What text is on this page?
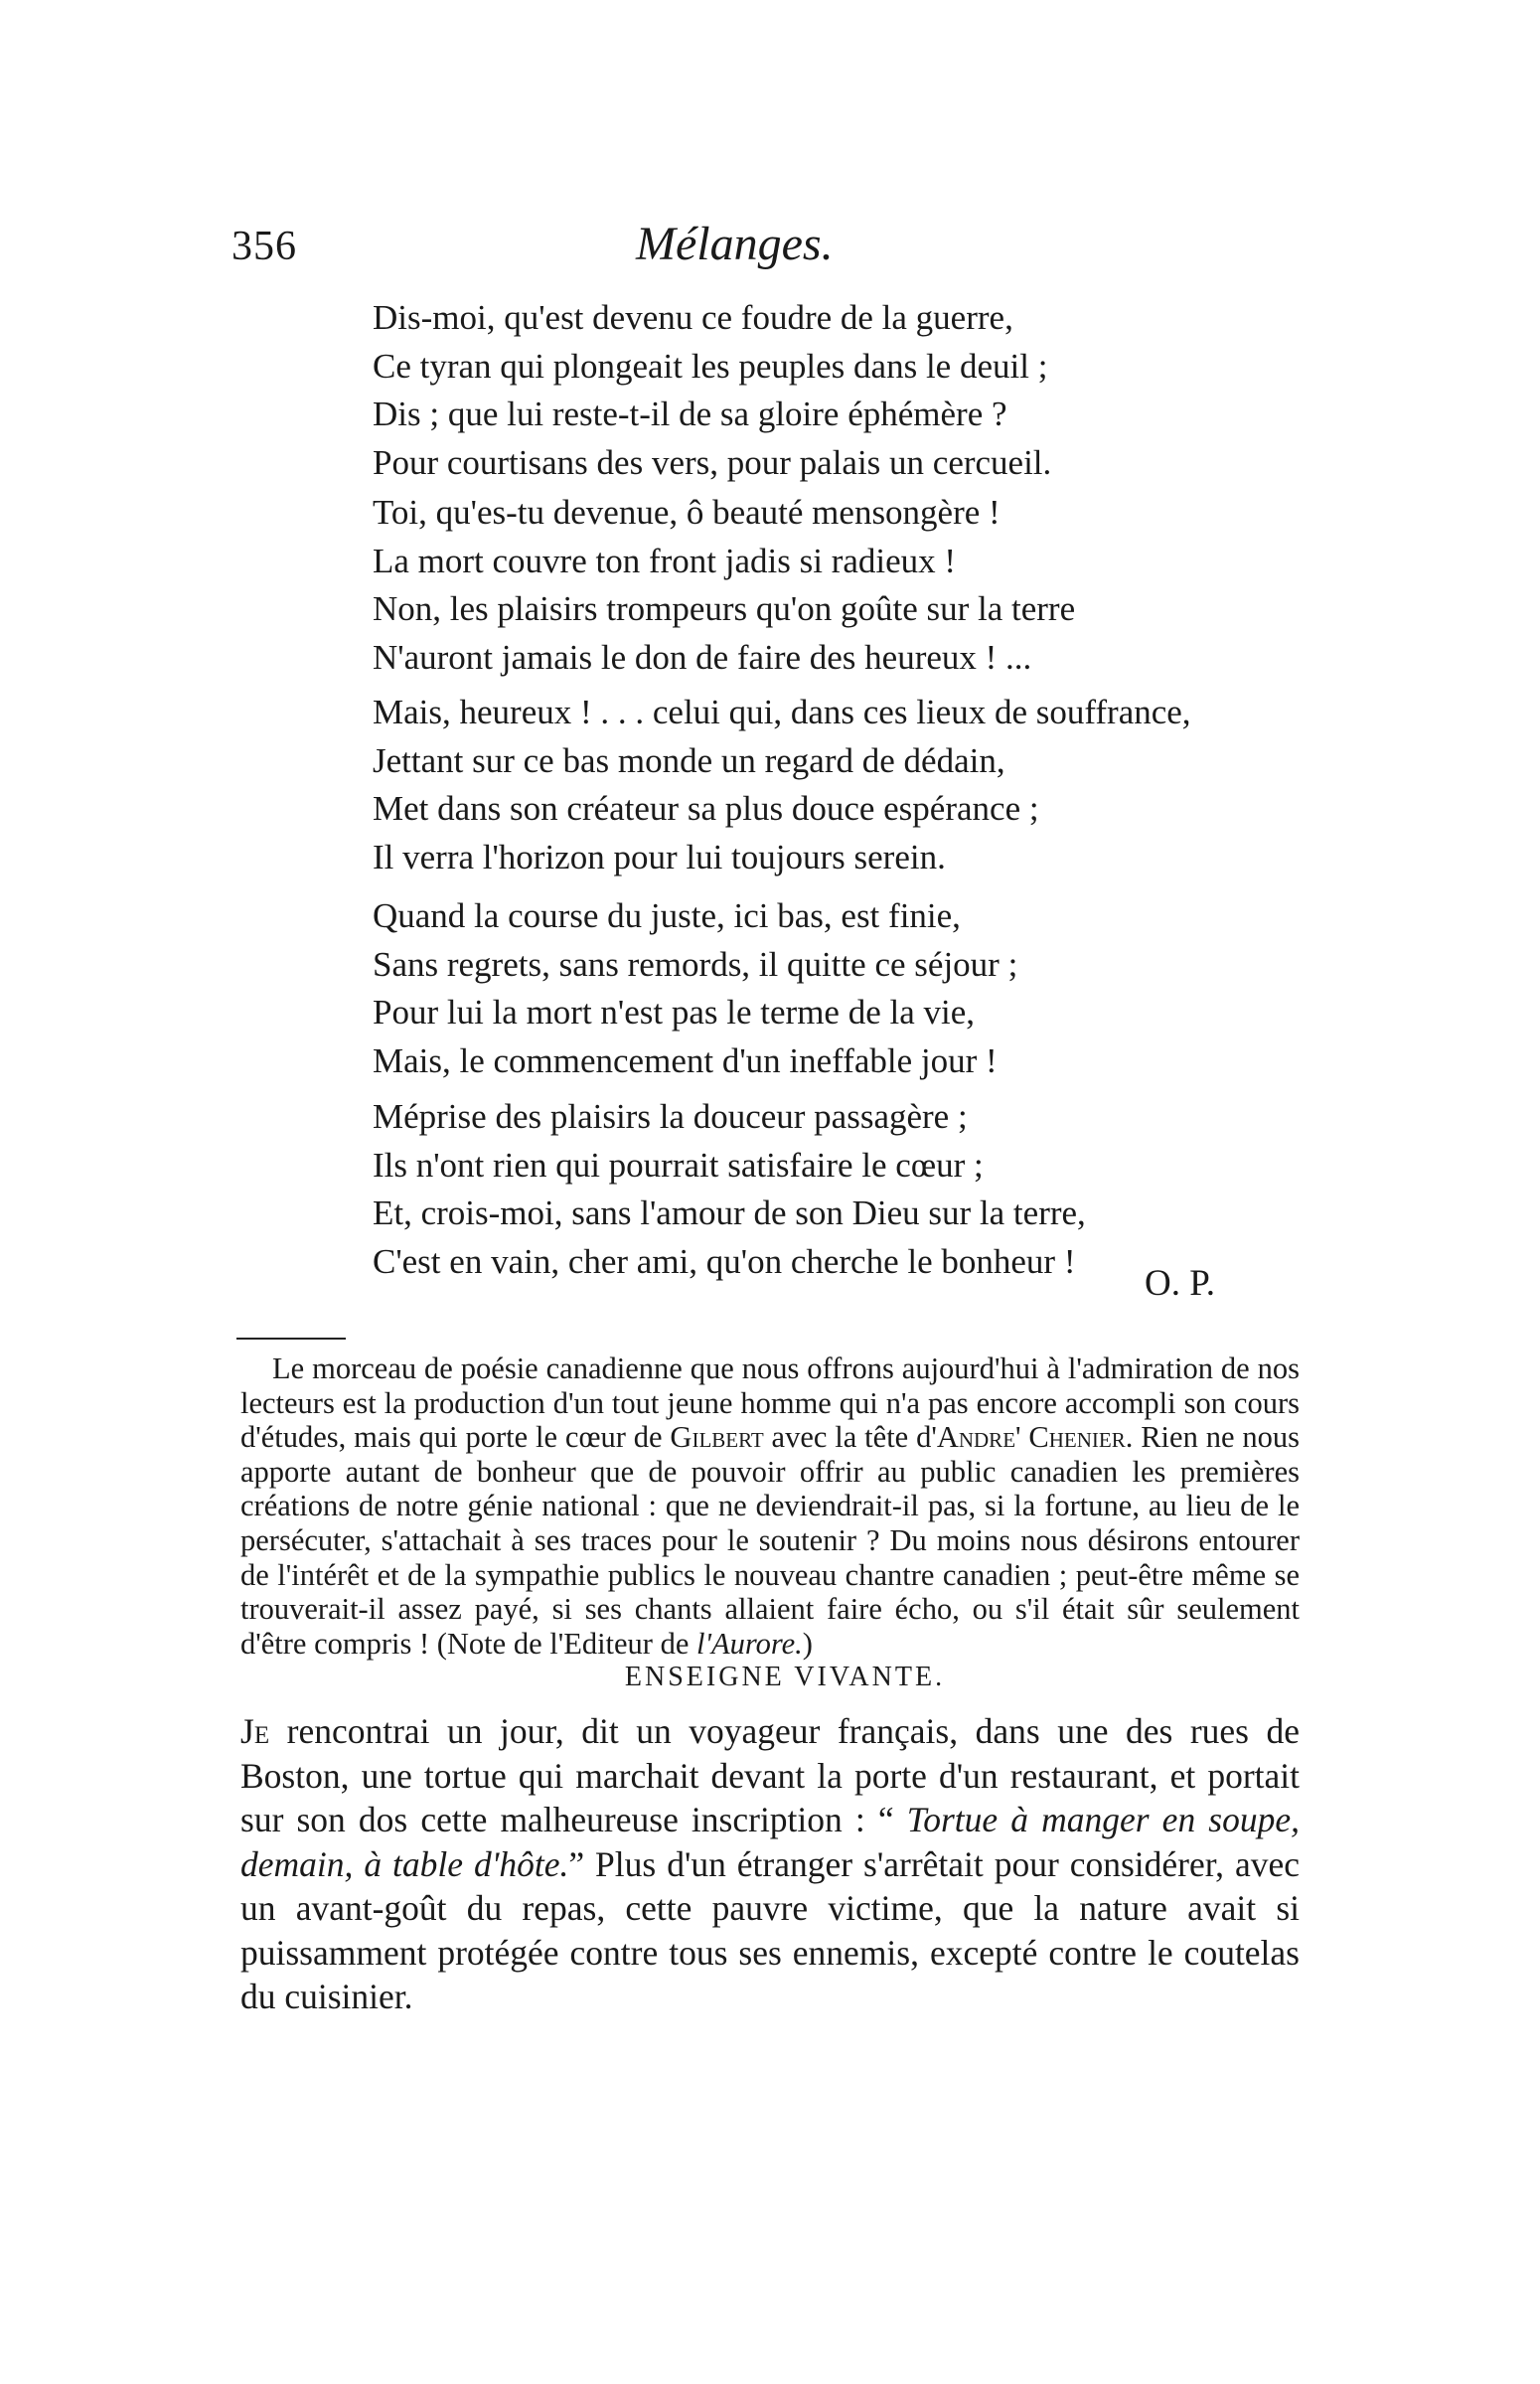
356	Mélanges.
Dis-moi, qu'est devenu ce foudre de la guerre,
Ce tyran qui plongeait les peuples dans le deuil ;
Dis ; que lui reste-t-il de sa gloire éphémère ?
Pour courtisans des vers, pour palais un cercueil.
Toi, qu'es-tu devenue, ô beauté mensongère !
La mort couvre ton front jadis si radieux !
Non, les plaisirs trompeurs qu'on goûte sur la terre
N'auront jamais le don de faire des heureux ! ...
Mais, heureux ! . . . celui qui, dans ces lieux de souffrance,
Jettant sur ce bas monde un regard de dédain,
Met dans son créateur sa plus douce espérance ;
Il verra l'horizon pour lui toujours serein.
Quand la course du juste, ici bas, est finie,
Sans regrets, sans remords, il quitte ce séjour ;
Pour lui la mort n'est pas le terme de la vie,
Mais, le commencement d'un ineffable jour !
Méprise des plaisirs la douceur passagère ;
Ils n'ont rien qui pourrait satisfaire le cœur ;
Et, crois-moi, sans l'amour de son Dieu sur la terre,
C'est en vain, cher ami, qu'on cherche le bonheur !
O. P.
Le morceau de poésie canadienne que nous offrons aujourd'hui à l'admiration de nos lecteurs est la production d'un tout jeune homme qui n'a pas encore accompli son cours d'études, mais qui porte le cœur de Gilbert avec la tête d'Andre' Chenier. Rien ne nous apporte autant de bonheur que de pouvoir offrir au public canadien les premières créations de notre génie national : que ne deviendrait-il pas, si la fortune, au lieu de le persécuter, s'attachait à ses traces pour le soutenir ? Du moins nous désirons entourer de l'intérêt et de la sympathie publics le nouveau chantre canadien ; peut-être même se trouverait-il assez payé, si ses chants allaient faire écho, ou s'il était sûr seulement d'être compris ! (Note de l'Editeur de l'Aurore.)
ENSEIGNE VIVANTE.
Je rencontrai un jour, dit un voyageur français, dans une des rues de Boston, une tortue qui marchait devant la porte d'un restaurant, et portait sur son dos cette malheureuse inscription : “ Tortue à manger en soupe, demain, à table d'hôte.” Plus d'un étranger s'arrêtait pour considérer, avec un avant-goût du repas, cette pauvre victime, que la nature avait si puissamment protégée contre tous ses ennemis, excepté contre le coutelas du cuisinier.
